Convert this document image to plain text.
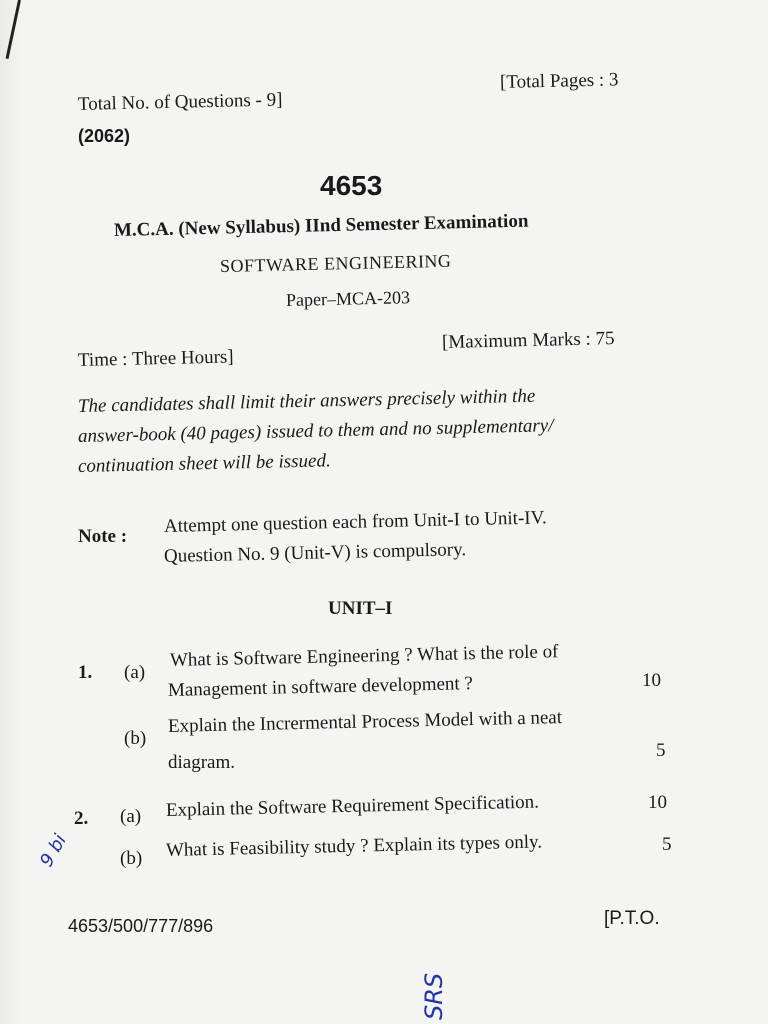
Total No. of Questions - 9]
[Total Pages : 3
(2062)
4653
M.C.A. (New Syllabus) IInd Semester Examination
SOFTWARE ENGINEERING
Paper–MCA-203
Time : Three Hours]
[Maximum Marks : 75
The candidates shall limit their answers precisely within the
answer-book (40 pages) issued to them and no supplementary/
continuation sheet will be issued.
Note : Attempt one question each from Unit-I to Unit-IV.
Question No. 9 (Unit-V) is compulsory.
UNIT–I
1. (a)
What is Software Engineering ? What is the role of
Management in software development ?	10
(b)
Explain the Incrermental Process Model with a neat
diagram.
5
2. (a) Explain the Software Requirement Specification.	10
(b) What is Feasibility study ? Explain its types only.	5
4653/500/777/896	[P.T.O.
9 bi
SRS
